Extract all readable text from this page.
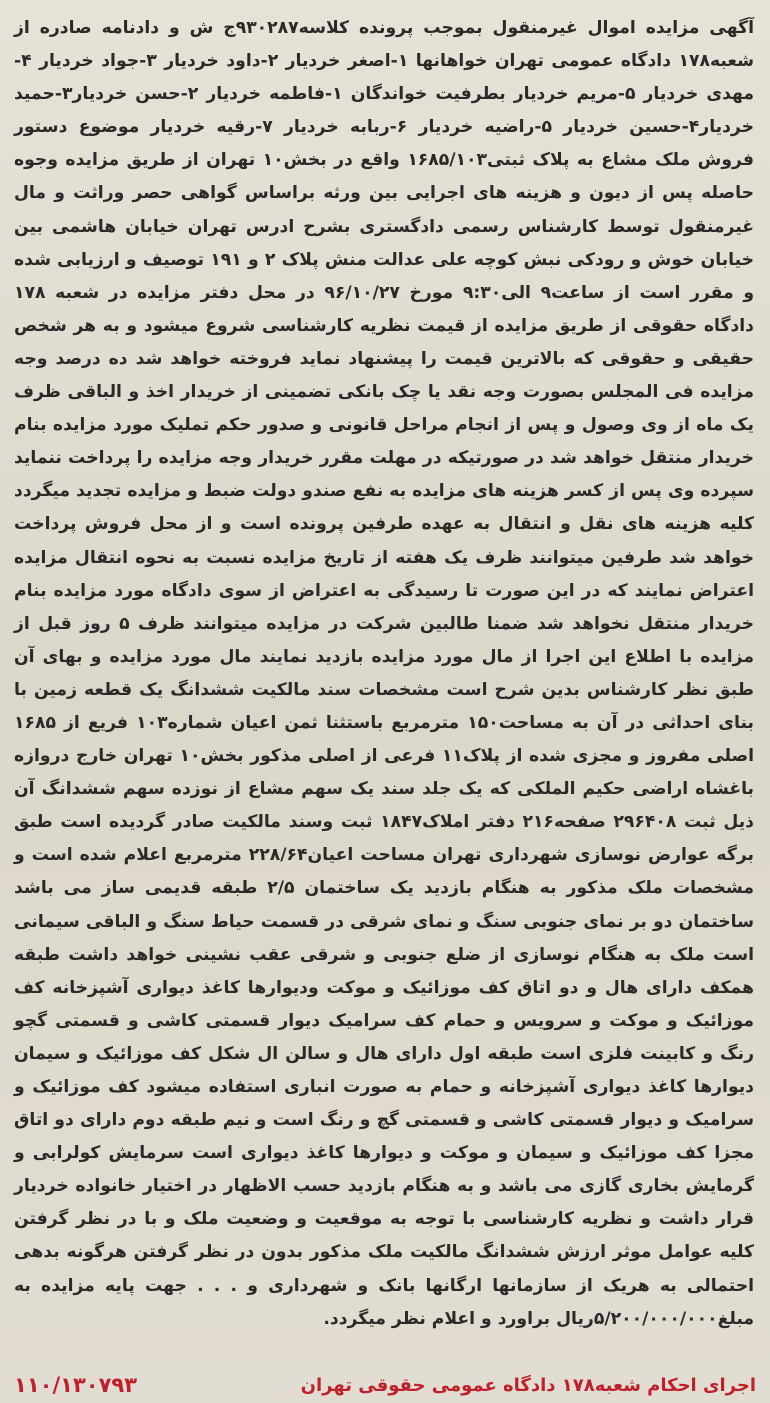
آگهی مزایده اموال غیرمنقول بموجب پرونده کلاسه۹۳۰۲۸۷ج ش و دادنامه صادره از شعبه۱۷۸ دادگاه عمومی تهران خواهانها ۱-اصغر خردیار ۲-داود خردیار ۳-جواد خردیار ۴-مهدی خردیار ۵-مریم خردیار بطرفیت خواندگان ۱-فاطمه خردیار ۲-حسن خردیار۳-حمید خردیار۴-حسین خردیار ۵-راضیه خردیار ۶-ربابه خردیار ۷-رقیه خردیار موضوع دستور فروش ملک مشاع به پلاک ثبتی۱۶۸۵/۱۰۳ واقع در بخش۱۰ تهران از طریق مزایده وجوه حاصله پس از دیون و هزینه های اجرایی بین ورثه براساس گواهی حصر وراثت و مال غیرمنقول توسط کارشناس رسمی دادگستری بشرح ادرس تهران خیابان هاشمی بین خیابان خوش و رودکی نبش کوچه علی عدالت منش پلاک ۲ و ۱۹۱ توصیف و ارزیابی شده و مقرر است از ساعت۹ الی۹:۳۰ مورخ ۹۶/۱۰/۲۷ در محل دفتر مزایده در شعبه ۱۷۸ دادگاه حقوقی از طریق مزایده از قیمت نظریه کارشناسی شروع میشود و به هر شخص حقیقی و حقوقی که بالاترین قیمت را پیشنهاد نماید فروخته خواهد شد ده درصد وجه مزایده فی المجلس بصورت وجه نقد یا چک بانکی تضمینی از خریدار اخذ و الباقی ظرف یک ماه از وی وصول و پس از انجام مراحل قانونی و صدور حکم تملیک مورد مزایده بنام خریدار منتقل خواهد شد در صورتیکه در مهلت مقرر خریدار وجه مزایده را پرداخت ننماید سپرده وی پس از کسر هزینه های مزایده به نفع صندو دولت ضبط و مزایده تجدید میگردد کلیه هزینه های نقل و انتقال به عهده طرفین پرونده است و از محل فروش پرداخت خواهد شد طرفین میتوانند ظرف یک هفته از تاریخ مزایده نسبت به نحوه انتقال مزایده اعتراض نمایند که در این صورت تا رسیدگی به اعتراض از سوی دادگاه مورد مزایده بنام خریدار منتقل نخواهد شد ضمنا طالبین شرکت در مزایده میتوانند ظرف ۵ روز قبل از مزایده با اطلاع این اجرا از مال مورد مزایده بازدید نمایند مال مورد مزایده و بهای آن طبق نظر کارشناس بدین شرح است مشخصات سند مالکیت ششدانگ یک قطعه زمین با بنای احداثی در آن به مساحت۱۵۰ مترمربع باستثنا ثمن اعیان شماره۱۰۳ فریع از ۱۶۸۵ اصلی مفروز و مجزی شده از پلاک۱۱ فرعی از اصلی مذکور بخش۱۰ تهران خارج دروازه باغشاه اراضی حکیم الملکی که یک جلد سند یک سهم مشاع از نوزده سهم ششدانگ آن ذیل ثبت ۲۹۶۴۰۸ صفحه۲۱۶ دفتر املاک۱۸۴۷ ثبت وسند مالکیت صادر گردیده است طبق برگه عوارض نوسازی شهرداری تهران مساحت اعیان۲۲۸/۶۴ مترمربع اعلام شده است و مشخصات ملک مذکور به هنگام بازدید یک ساختمان ۲/۵ طبقه قدیمی ساز می باشد ساختمان دو بر نمای جنوبی سنگ و نمای شرقی در قسمت حیاط سنگ و الباقی سیمانی است ملک به هنگام نوسازی از ضلع جنوبی و شرقی عقب نشینی خواهد داشت طبقه همکف دارای هال و دو اتاق کف موزائیک و موکت ودیوارها کاغذ دیواری آشپزخانه کف موزائیک و موکت و سرویس و حمام کف سرامیک دیوار قسمتی کاشی و قسمتی گچو رنگ و کابینت فلزی است طبقه اول دارای هال و سالن ال شکل کف موزائیک و سیمان دیوارها کاغذ دیواری آشپزخانه و حمام به صورت انباری استفاده میشود کف موزائیک و سرامیک و دیوار قسمتی کاشی و قسمتی گچ و رنگ است و نیم طبقه دوم دارای دو اتاق مجزا کف موزائیک و سیمان و موکت و دیوارها کاغذ دیواری است سرمایش کولرابی و گرمایش بخاری گازی می باشد و به هنگام بازدید حسب الاظهار در اختیار خانواده خردیار قرار داشت و نظریه کارشناسی با توجه به موقعیت و وضعیت ملک و با در نظر گرفتن کلیه عوامل موثر ارزش ششدانگ مالکیت ملک مذکور بدون در نظر گرفتن هرگونه بدهی احتمالی به هریک از سازمانها ارگانها بانک و شهرداری و . . . جهت پایه مزایده به مبلغ۵/۲۰۰/۰۰۰/۰۰۰ریال براورد و اعلام نظر میگردد.

اجرای احکام شعبه۱۷۸ دادگاه عمومی حقوقی تهران
۱۱۰/۱۳۰۷۹۳
